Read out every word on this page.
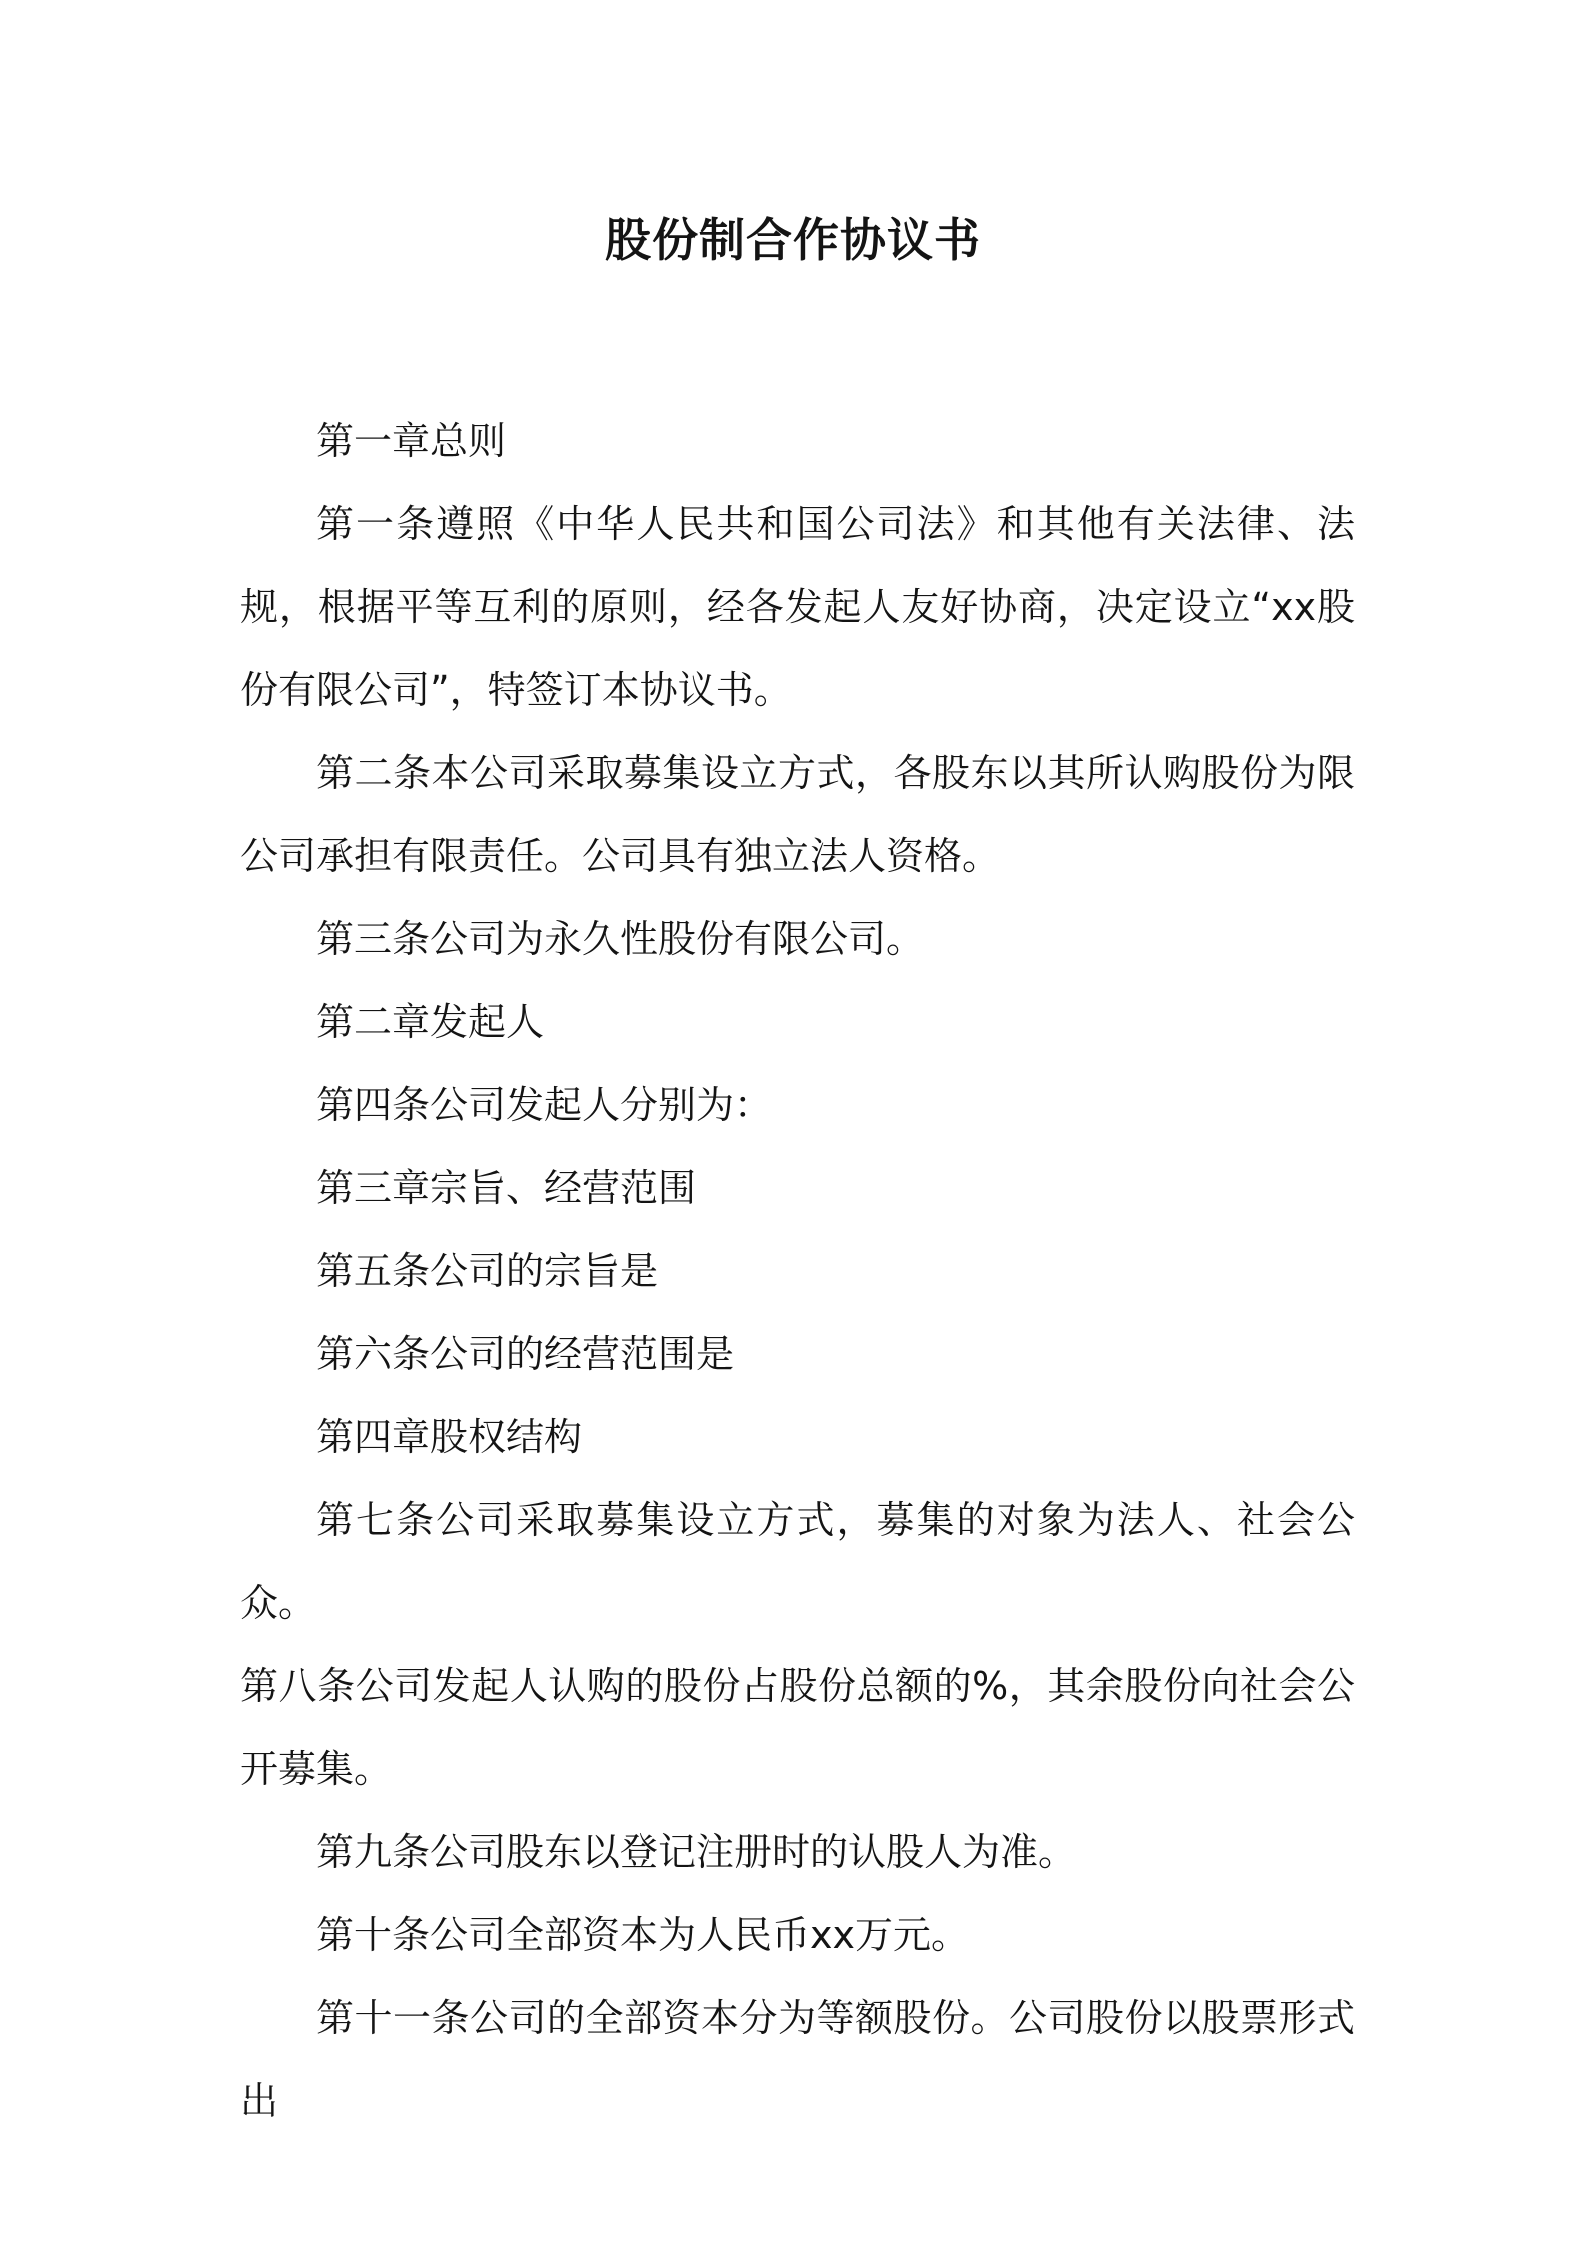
股份制合作协议书

第一章总则

第一条遵照《中华人民共和国公司法》和其他有关法律、法规，根据平等互利的原则，经各发起人友好协商，决定设立“xx股份有限公司”，特签订本协议书。

第二条本公司采取募集设立方式，各股东以其所认购股份为限公司承担有限责任。公司具有独立法人资格。

第三条公司为永久性股份有限公司。

第二章发起人

第四条公司发起人分别为：

第三章宗旨、经营范围

第五条公司的宗旨是

第六条公司的经营范围是

第四章股权结构

第七条公司采取募集设立方式，募集的对象为法人、社会公众。

第八条公司发起人认购的股份占股份总额的%，其余股份向社会公开募集。

第九条公司股东以登记注册时的认股人为准。

第十条公司全部资本为人民币xx万元。

第十一条公司的全部资本分为等额股份。公司股份以股票形式出
